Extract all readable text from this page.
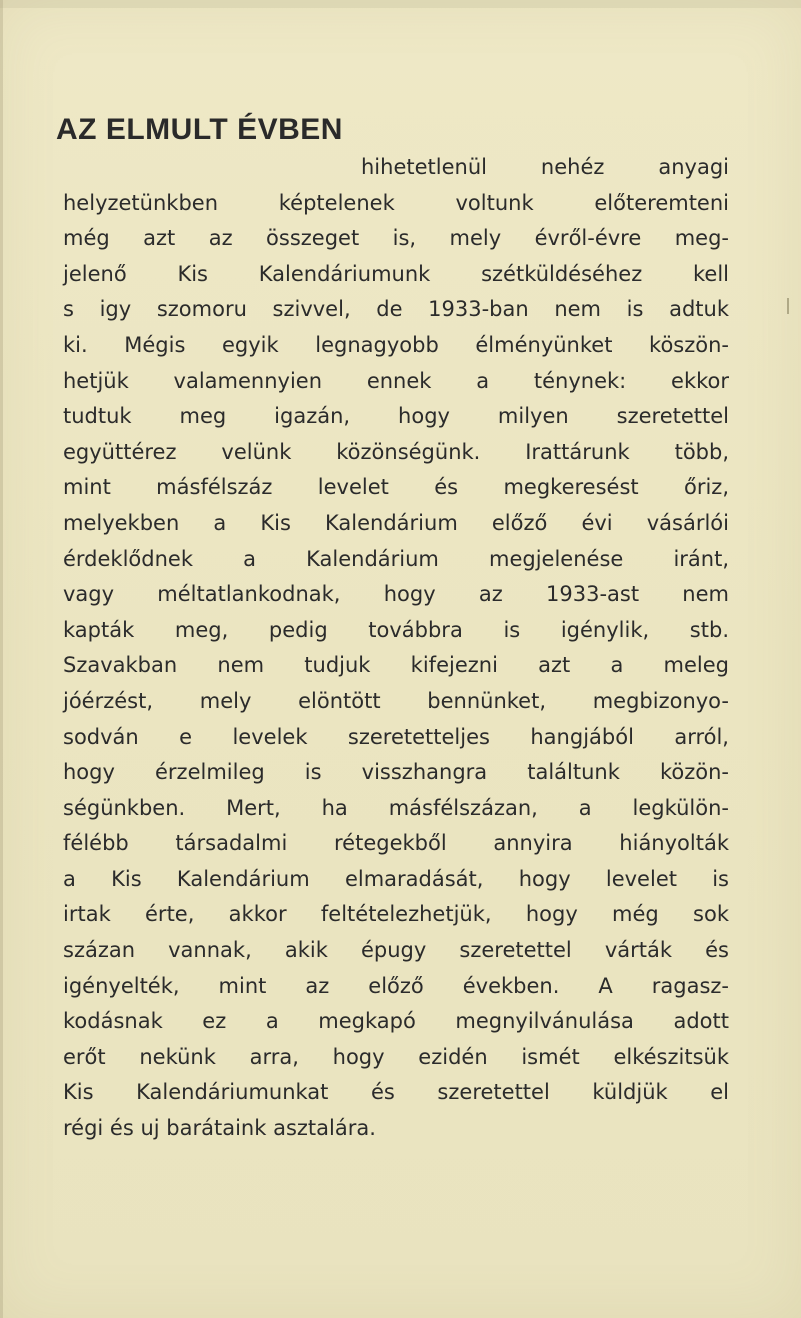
AZ ELMULT ÉVBEN
hihetetlenül nehéz anyagi
helyzetünkben képtelenek voltunk előteremteni
még azt az összeget is, mely évről-évre meg-
jelenő Kis Kalendáriumunk szétküldéséhez kell
s igy szomoru szivvel, de 1933-ban nem is adtuk
ki. Mégis egyik legnagyobb élményünket köszön-
hetjük valamennyien ennek a ténynek: ekkor
tudtuk meg igazán, hogy milyen szeretettel
együttérez velünk közönségünk. Irattárunk több,
mint másfélszáz levelet és megkeresést őriz,
melyekben a Kis Kalendárium előző évi vásárlói
érdeklődnek a Kalendárium megjelenése iránt,
vagy méltatlankodnak, hogy az 1933-ast nem
kapták meg, pedig továbbra is igénylik, stb.
Szavakban nem tudjuk kifejezni azt a meleg
jóérzést, mely elöntött bennünket, megbizonyo-
sodván e levelek szeretetteljes hangjából arról,
hogy érzelmileg is visszhangra találtunk közön-
ségünkben. Mert, ha másfélszázan, a legkülön-
félébb társadalmi rétegekből annyira hiányolták
a Kis Kalendárium elmaradását, hogy levelet is
irtak érte, akkor feltételezhetjük, hogy még sok
százan vannak, akik épugy szeretettel várták és
igényelték, mint az előző években. A ragasz-
kodásnak ez a megkapó megnyilvánulása adott
erőt nekünk arra, hogy ezidén ismét elkészitsük
Kis Kalendáriumunkat és szeretettel küldjük el
régi és uj barátaink asztalára.
